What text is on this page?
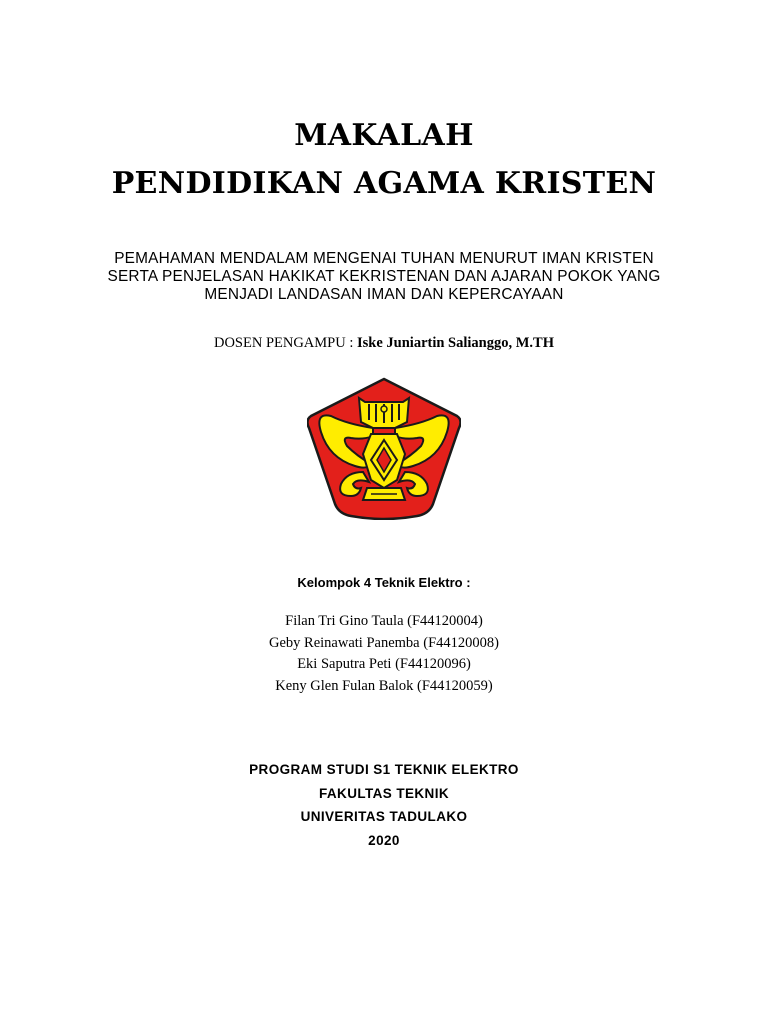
MAKALAH
PENDIDIKAN AGAMA KRISTEN
PEMAHAMAN MENDALAM MENGENAI TUHAN MENURUT IMAN KRISTEN
SERTA PENJELASAN HAKIKAT KEKRISTENAN DAN AJARAN POKOK YANG
MENJADI LANDASAN IMAN DAN KEPERCAYAAN
DOSEN PENGAMPU : Iske Juniartin Salianggo, M.TH
Kelompok 4 Teknik Elektro :
Filan Tri Gino Taula (F44120004)
Geby Reinawati Panemba (F44120008)
Eki Saputra Peti (F44120096)
Keny Glen Fulan Balok (F44120059)
PROGRAM STUDI S1 TEKNIK ELEKTRO
FAKULTAS TEKNIK
UNIVERITAS TADULAKO
2020
